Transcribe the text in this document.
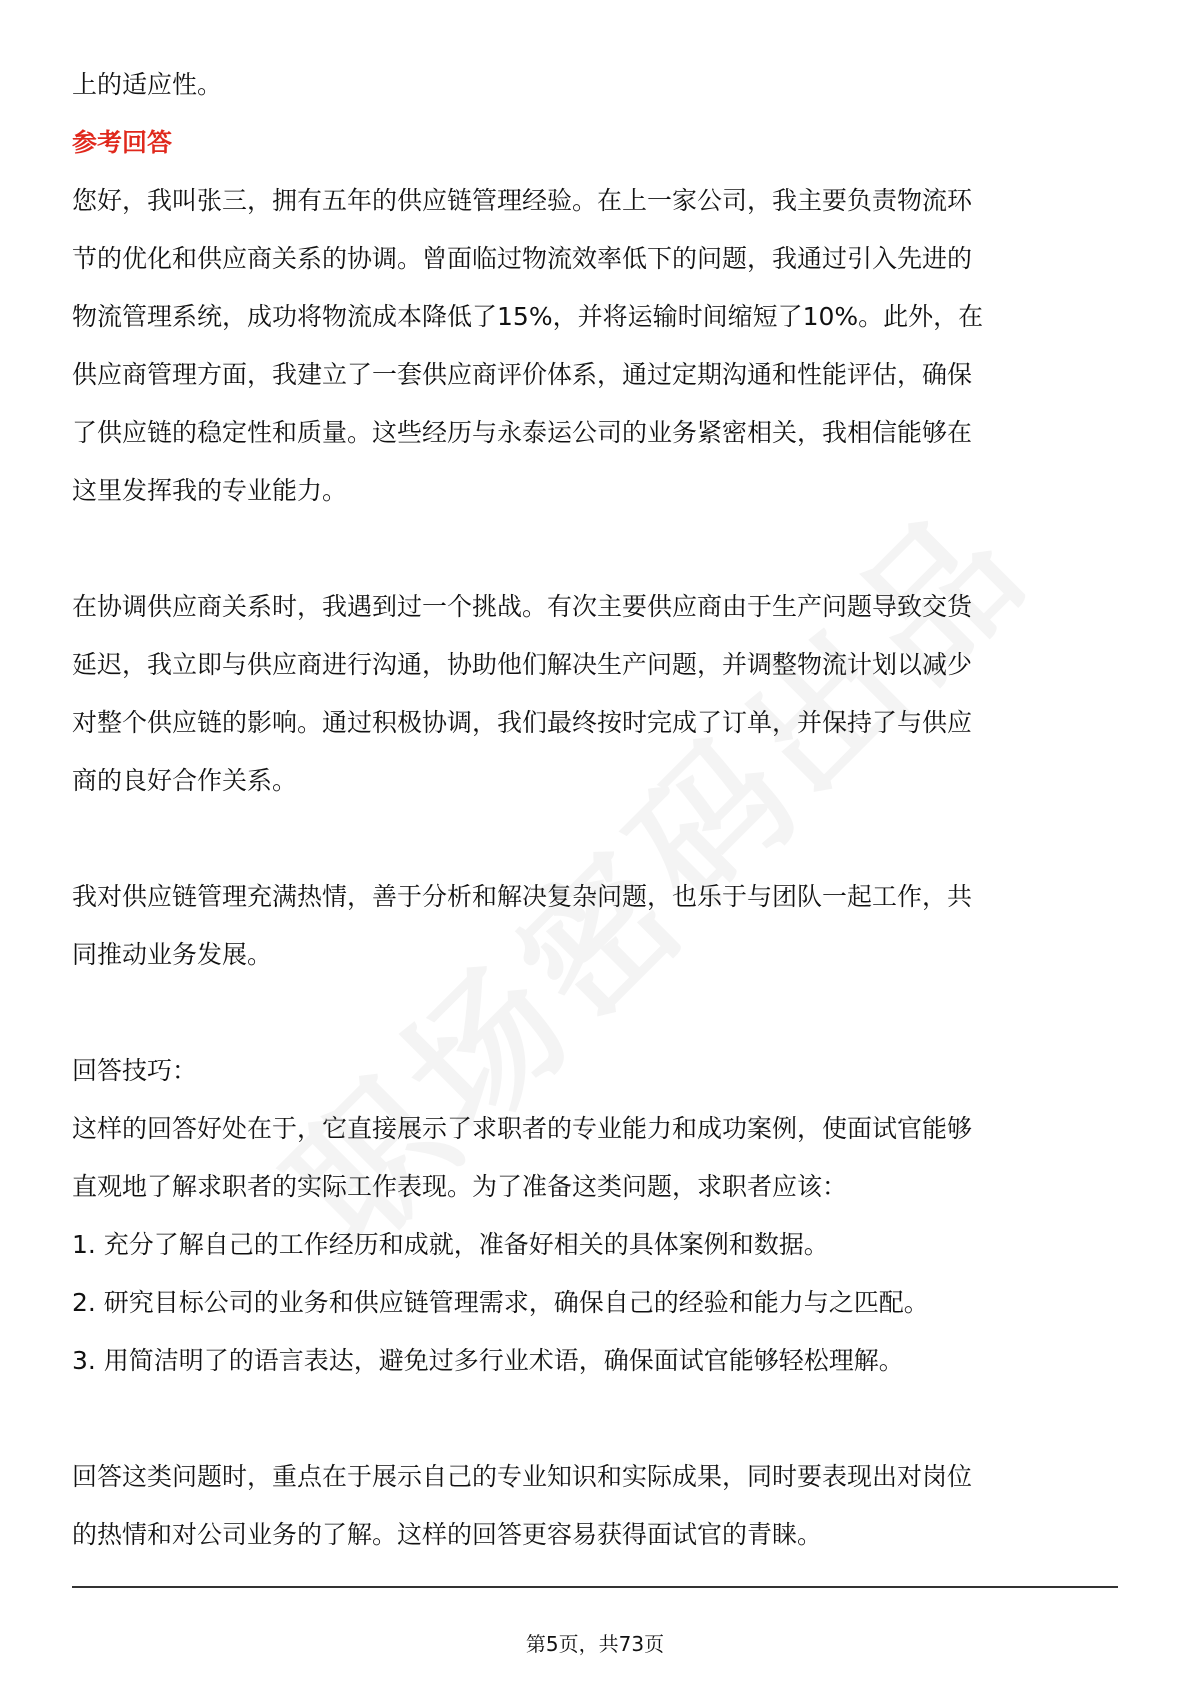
上的适应性。

参考回答

您好，我叫张三，拥有五年的供应链管理经验。在上一家公司，我主要负责物流环

节的优化和供应商关系的协调。曾面临过物流效率低下的问题，我通过引入先进的

物流管理系统，成功将物流成本降低了15%，并将运输时间缩短了10%。此外，在

供应商管理方面，我建立了一套供应商评价体系，通过定期沟通和性能评估，确保

了供应链的稳定性和质量。这些经历与永泰运公司的业务紧密相关，我相信能够在

这里发挥我的专业能力。

在协调供应商关系时，我遇到过一个挑战。有次主要供应商由于生产问题导致交货

延迟，我立即与供应商进行沟通，协助他们解决生产问题，并调整物流计划以减少

对整个供应链的影响。通过积极协调，我们最终按时完成了订单，并保持了与供应

商的良好合作关系。

我对供应链管理充满热情，善于分析和解决复杂问题，也乐于与团队一起工作，共

同推动业务发展。

回答技巧：

这样的回答好处在于，它直接展示了求职者的专业能力和成功案例，使面试官能够

直观地了解求职者的实际工作表现。为了准备这类问题，求职者应该：

1. 充分了解自己的工作经历和成就，准备好相关的具体案例和数据。

2. 研究目标公司的业务和供应链管理需求，确保自己的经验和能力与之匹配。

3. 用简洁明了的语言表达，避免过多行业术语，确保面试官能够轻松理解。

回答这类问题时，重点在于展示自己的专业知识和实际成果，同时要表现出对岗位

的热情和对公司业务的了解。这样的回答更容易获得面试官的青睐。

第5页，共73页
